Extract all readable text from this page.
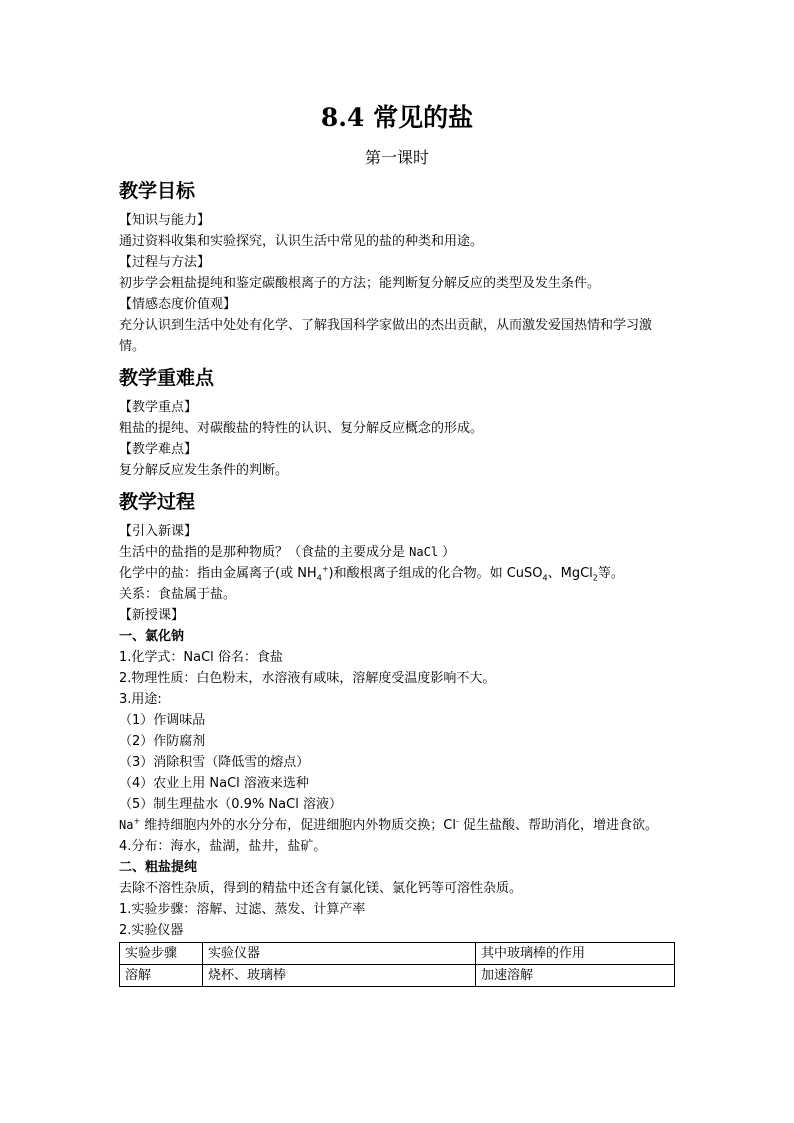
8.4 常见的盐
第一课时
教学目标

【知识与能力】

通过资料收集和实验探究，认识生活中常见的盐的种类和用途。

【过程与方法】

初步学会粗盐提纯和鉴定碳酸根离子的方法；能判断复分解反应的类型及发生条件。

【情感态度价值观】

充分认识到生活中处处有化学、了解我国科学家做出的杰出贡献，从而激发爱国热情和学习激情。

教学重难点

【教学重点】

粗盐的提纯、对碳酸盐的特性的认识、复分解反应概念的形成。

【教学难点】

复分解反应发生条件的判断。

教学过程

【引入新课】

生活中的盐指的是那种物质？（食盐的主要成分是 NaCl ）

化学中的盐：指由金属离子(或 $NH_4^+$)和酸根离子组成的化合物。如 CuSO$_4$、MgCl$_2$等。

关系：食盐属于盐。

【新授课】

一、氯化钠

1.化学式：NaCl 俗名：食盐

2.物理性质：白色粉末，水溶液有咸味，溶解度受温度影响不大。

3.用途:

（1）作调味品

（2）作防腐剂

（3）消除积雪（降低雪的熔点）

（4）农业上用 NaCl 溶液来选种

（5）制生理盐水（0.9% NaCl 溶液）

Na+ 维持细胞内外的水分分布，促进细胞内外物质交换；Cl- 促生盐酸、帮助消化，增进食欲。

4.分布：海水，盐湖，盐井，盐矿。

二、粗盐提纯

去除不溶性杂质，得到的精盐中还含有氯化镁、氯化钙等可溶性杂质。

1.实验步骤：溶解、过滤、蒸发、计算产率

2.实验仪器

实验步骤	实验仪器	其中玻璃棒的作用
溶解	烧杯、玻璃棒	加速溶解
